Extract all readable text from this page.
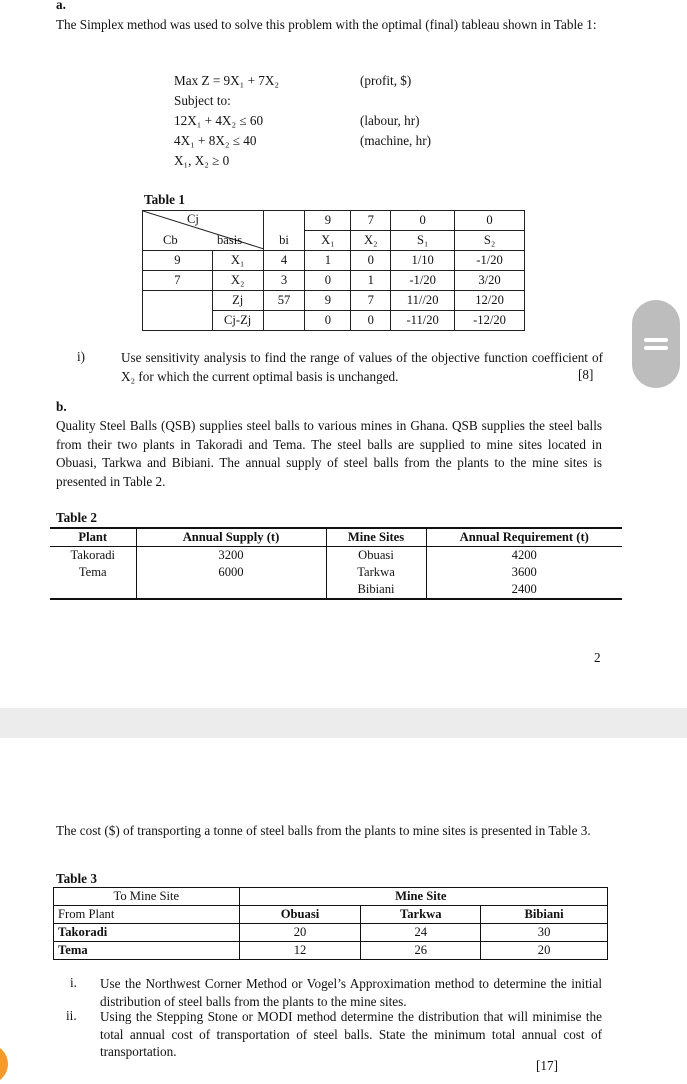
a.
The Simplex method was used to solve this problem with the optimal (final) tableau shown in Table 1:
Max Z = 9X₁ + 7X₂	(profit, $)
Subject to:
12X₁ + 4X₂ ≤ 60	(labour, hr)
4X₁ + 8X₂ ≤ 40	(machine, hr)
X₁, X₂ ≥ 0
Table 1
Cj
Cb basis			9	7	0	0
		bi	X₁	X₂	S₁	S₂
9	X₁	4	1	0	1/10	-1/20
7	X₂	3	0	1	-1/20	3/20
	Zj	57	9	7	11//20	12/20
	Cj-Zj		0	0	-11/20	-12/20
i)	Use sensitivity analysis to find the range of values of the objective function coefficient of X₂ for which the current optimal basis is unchanged.	[8]
b.
Quality Steel Balls (QSB) supplies steel balls to various mines in Ghana. QSB supplies the steel balls from their two plants in Takoradi and Tema. The steel balls are supplied to mine sites located in Obuasi, Tarkwa and Bibiani. The annual supply of steel balls from the plants to the mine sites is presented in Table 2.
Table 2
Plant	Annual Supply (t)	Mine Sites	Annual Requirement (t)
Takoradi	3200	Obuasi	4200
Tema	6000	Tarkwa	3600
		Bibiani	2400
2
The cost ($) of transporting a tonne of steel balls from the plants to mine sites is presented in Table 3.
Table 3
To Mine Site		Mine Site	
From Plant	Obuasi	Tarkwa	Bibiani
Takoradi	20	24	30
Tema	12	26	20
i. Use the Northwest Corner Method or Vogel’s Approximation method to determine the initial distribution of steel balls from the plants to the mine sites.
ii. Using the Stepping Stone or MODI method determine the distribution that will minimise the total annual cost of transportation of steel balls. State the minimum total annual cost of transportation.
[17]
